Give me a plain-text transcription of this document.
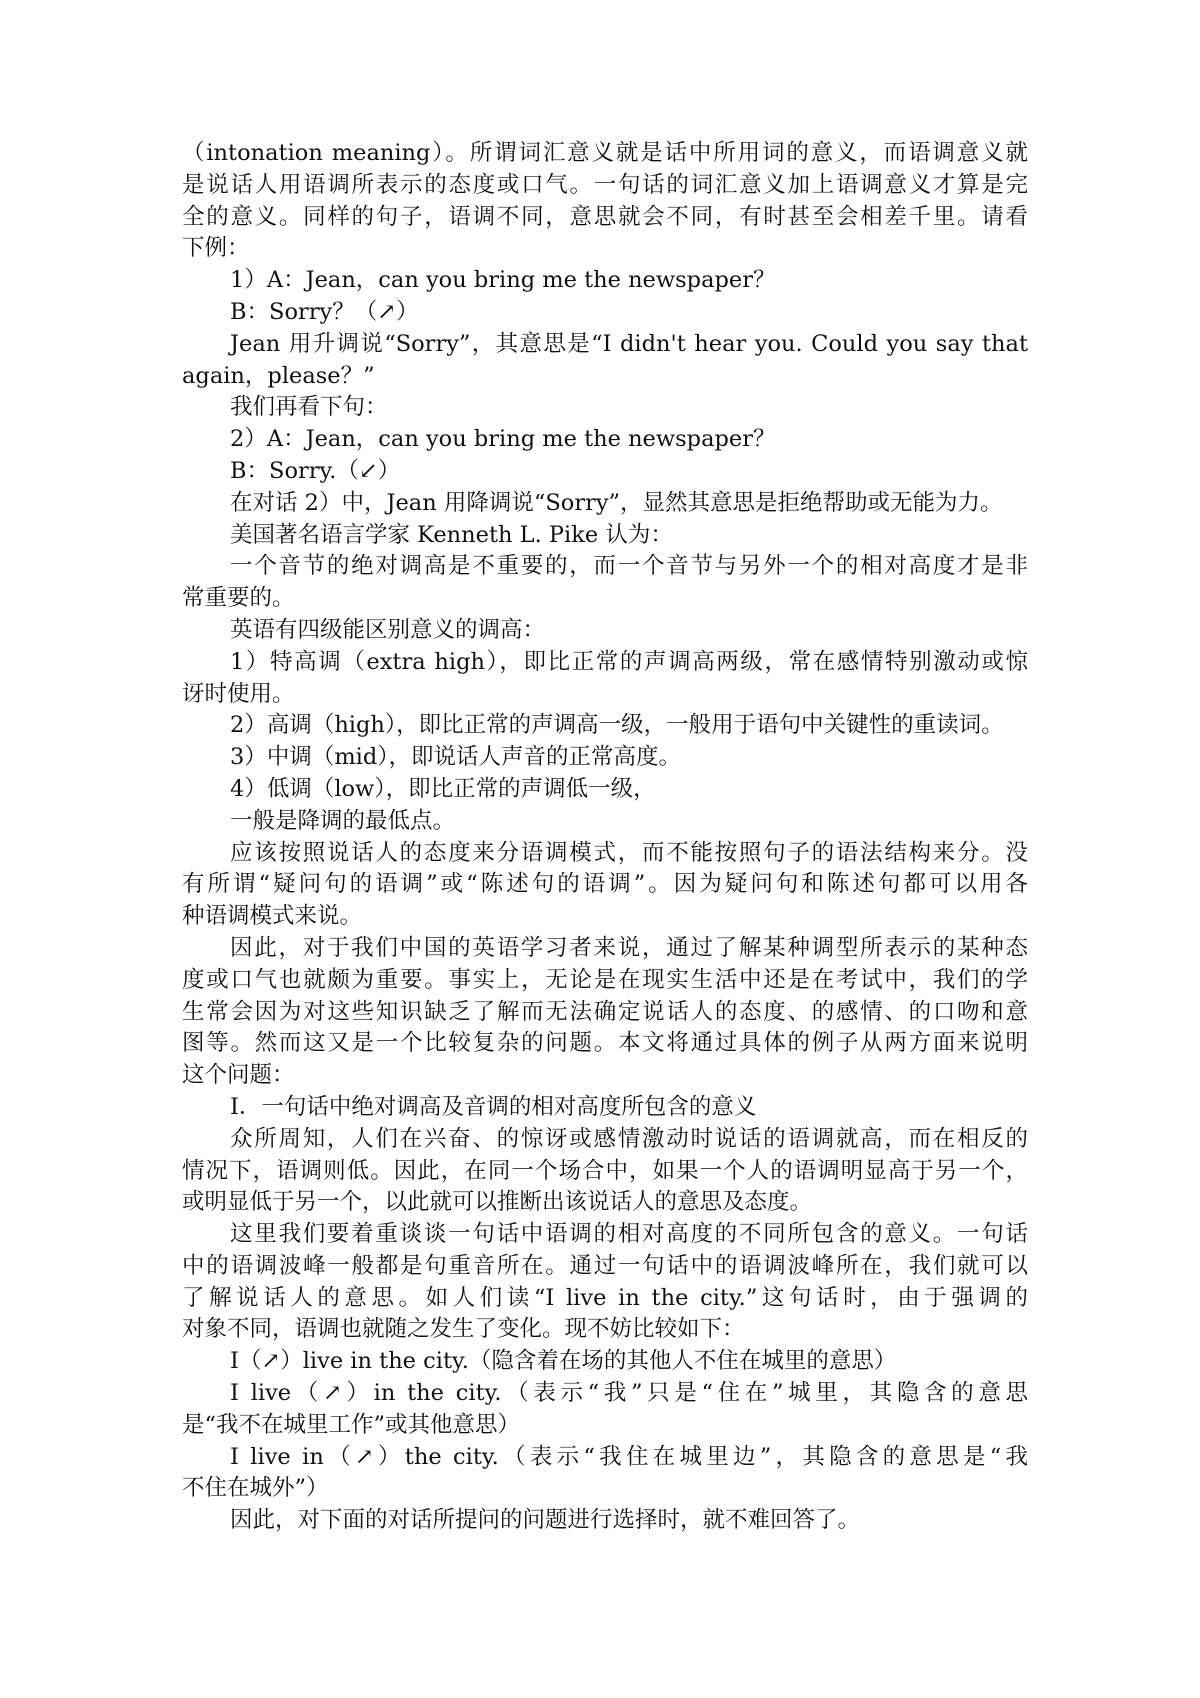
（intonation meaning）。所谓词汇意义就是话中所用词的意义，而语调意义就
是说话人用语调所表示的态度或口气。一句话的词汇意义加上语调意义才算是完
全的意义。同样的句子，语调不同，意思就会不同，有时甚至会相差千里。请看
下例：
1）A：Jean，can you bring me the newspaper？
B：Sorry？（↗）
Jean 用升调说“Sorry”，其意思是“I didn't hear you. Could you say that
again，please？”
我们再看下句：
2）A：Jean，can you bring me the newspaper？
B：Sorry.（↙）
在对话 2）中，Jean 用降调说“Sorry”，显然其意思是拒绝帮助或无能为力。
美国著名语言学家 Kenneth L. Pike 认为：
一个音节的绝对调高是不重要的，而一个音节与另外一个的相对高度才是非
常重要的。
英语有四级能区别意义的调高：
1）特高调（extra high），即比正常的声调高两级，常在感情特别激动或惊
讶时使用。
2）高调（high），即比正常的声调高一级，一般用于语句中关键性的重读词。
3）中调（mid），即说话人声音的正常高度。
4）低调（low），即比正常的声调低一级，
一般是降调的最低点。
应该按照说话人的态度来分语调模式，而不能按照句子的语法结构来分。没
有所谓“疑问句的语调”或“陈述句的语调”。因为疑问句和陈述句都可以用各
种语调模式来说。
因此，对于我们中国的英语学习者来说，通过了解某种调型所表示的某种态
度或口气也就颇为重要。事实上，无论是在现实生活中还是在考试中，我们的学
生常会因为对这些知识缺乏了解而无法确定说话人的态度、的感情、的口吻和意
图等。然而这又是一个比较复杂的问题。本文将通过具体的例子从两方面来说明
这个问题：
I．一句话中绝对调高及音调的相对高度所包含的意义
众所周知，人们在兴奋、的惊讶或感情激动时说话的语调就高，而在相反的
情况下，语调则低。因此，在同一个场合中，如果一个人的语调明显高于另一个，
或明显低于另一个，以此就可以推断出该说话人的意思及态度。
这里我们要着重谈谈一句话中语调的相对高度的不同所包含的意义。一句话
中的语调波峰一般都是句重音所在。通过一句话中的语调波峰所在，我们就可以
了解说话人的意思。如人们读“I live in the city.”这句话时，由于强调的
对象不同，语调也就随之发生了变化。现不妨比较如下：
I（↗）live in the city.（隐含着在场的其他人不住在城里的意思）
I live（↗）in the city.（表示“我”只是“住在”城里，其隐含的意思
是“我不在城里工作”或其他意思）
I live in（↗）the city.（表示“我住在城里边”，其隐含的意思是“我
不住在城外”）
因此，对下面的对话所提问的问题进行选择时，就不难回答了。
